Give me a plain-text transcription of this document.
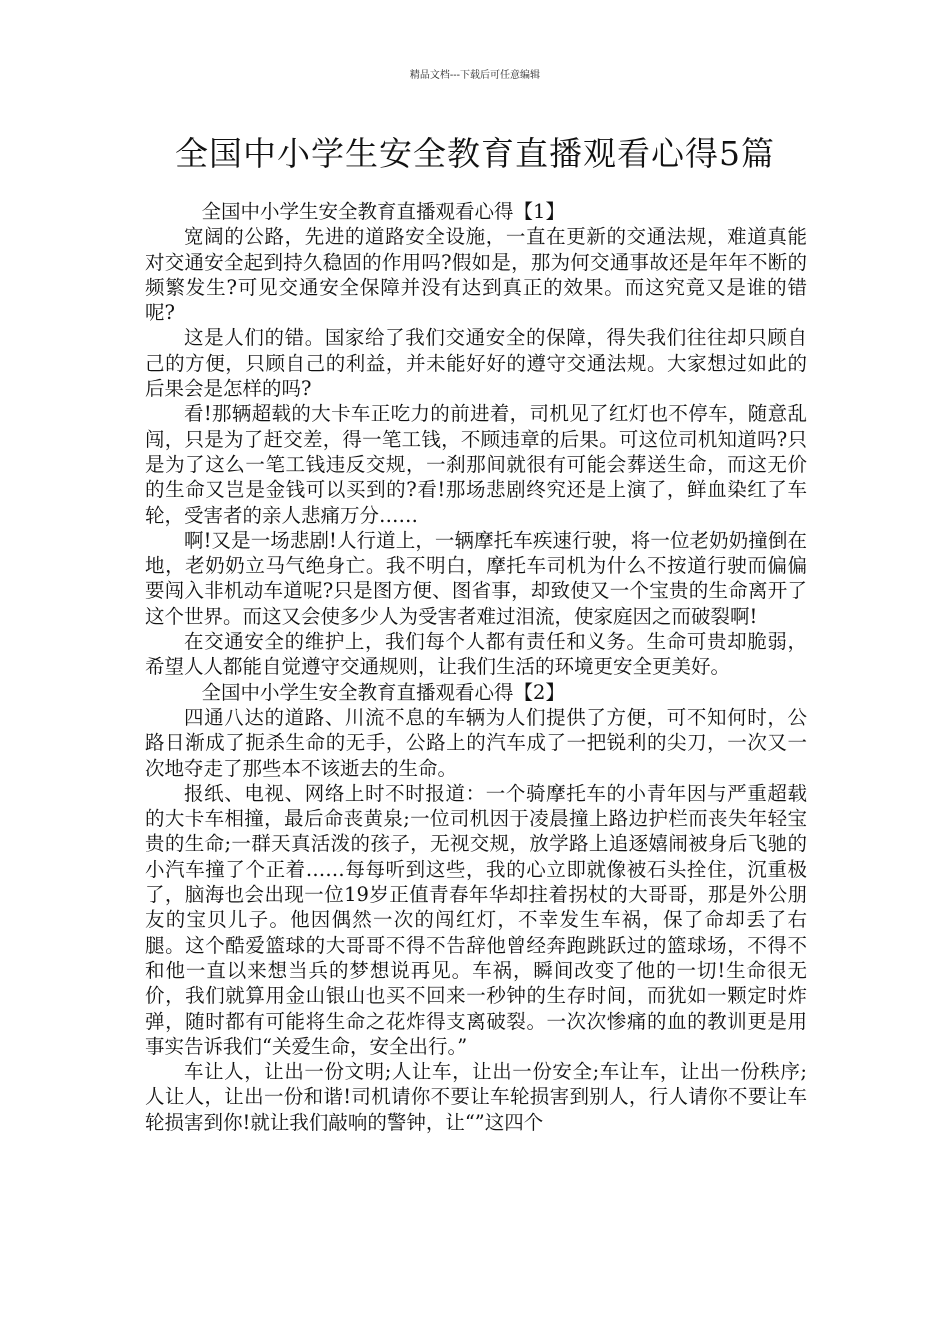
精品文档---下载后可任意编辑
全国中小学生安全教育直播观看心得5篇

全国中小学生安全教育直播观看心得【1】

宽阔的公路，先进的道路安全设施，一直在更新的交通法规，难道真能对交通安全起到持久稳固的作用吗?假如是，那为何交通事故还是年年不断的频繁发生?可见交通安全保障并没有达到真正的效果。而这究竟又是谁的错呢?

这是人们的错。国家给了我们交通安全的保障，得失我们往往却只顾自己的方便，只顾自己的利益，并未能好好的遵守交通法规。大家想过如此的后果会是怎样的吗?

看!那辆超载的大卡车正吃力的前进着，司机见了红灯也不停车，随意乱闯，只是为了赶交差，得一笔工钱，不顾违章的后果。可这位司机知道吗?只是为了这么一笔工钱违反交规，一刹那间就很有可能会葬送生命，而这无价的生命又岂是金钱可以买到的?看!那场悲剧终究还是上演了，鲜血染红了车轮，受害者的亲人悲痛万分……

啊!又是一场悲剧!人行道上，一辆摩托车疾速行驶，将一位老奶奶撞倒在地，老奶奶立马气绝身亡。我不明白，摩托车司机为什么不按道行驶而偏偏要闯入非机动车道呢?只是图方便、图省事，却致使又一个宝贵的生命离开了这个世界。而这又会使多少人为受害者难过泪流，使家庭因之而破裂啊!

在交通安全的维护上，我们每个人都有责任和义务。生命可贵却脆弱，希望人人都能自觉遵守交通规则，让我们生活的环境更安全更美好。

全国中小学生安全教育直播观看心得【2】

四通八达的道路、川流不息的车辆为人们提供了方便，可不知何时，公路日渐成了扼杀生命的无手，公路上的汽车成了一把锐利的尖刀，一次又一次地夺走了那些本不该逝去的生命。

报纸、电视、网络上时不时报道：一个骑摩托车的小青年因与严重超载的大卡车相撞，最后命丧黄泉;一位司机因于凌晨撞上路边护栏而丧失年轻宝贵的生命;一群天真活泼的孩子，无视交规，放学路上追逐嬉闹被身后飞驰的小汽车撞了个正着……每每听到这些，我的心立即就像被石头拴住，沉重极了，脑海也会出现一位19岁正值青春年华却拄着拐杖的大哥哥，那是外公朋友的宝贝儿子。他因偶然一次的闯红灯，不幸发生车祸，保了命却丢了右腿。这个酷爱篮球的大哥哥不得不告辞他曾经奔跑跳跃过的篮球场，不得不和他一直以来想当兵的梦想说再见。车祸，瞬间改变了他的一切!生命很无价，我们就算用金山银山也买不回来一秒钟的生存时间，而犹如一颗定时炸弹，随时都有可能将生命之花炸得支离破裂。一次次惨痛的血的教训更是用事实告诉我们“关爱生命，安全出行。”

车让人，让出一份文明;人让车，让出一份安全;车让车，让出一份秩序;人让人，让出一份和谐!司机请你不要让车轮损害到别人，行人请你不要让车轮损害到你!就让我们敲响的警钟，让“”这四个
